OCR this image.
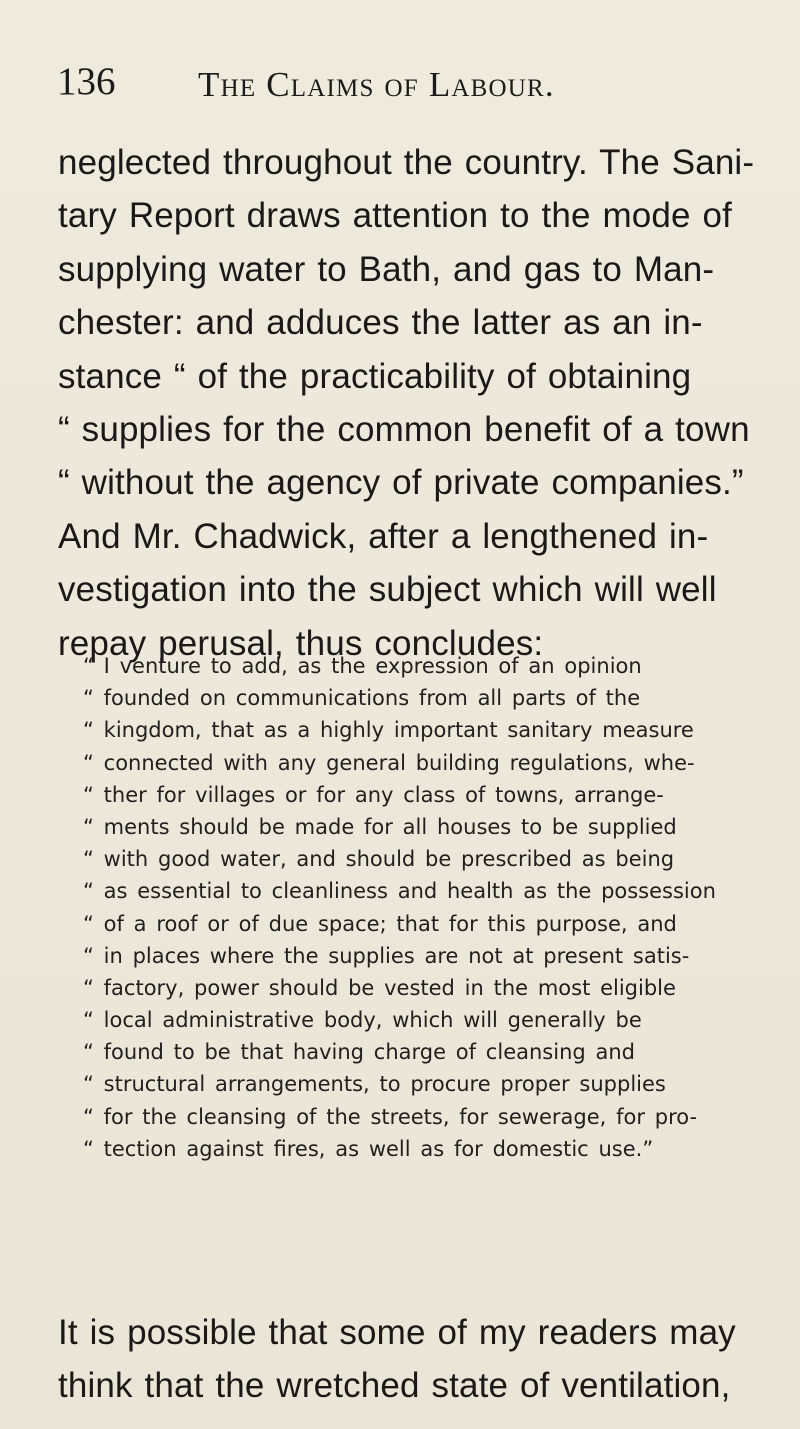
136 The Claims of Labour.
neglected throughout the country. The Sani-
tary Report draws attention to the mode of
supplying water to Bath, and gas to Man-
chester: and adduces the latter as an in-
stance “ of the practicability of obtaining
“ supplies for the common benefit of a town
“ without the agency of private companies.”
And Mr. Chadwick, after a lengthened in-
vestigation into the subject which will well
repay perusal, thus concludes:
“ I venture to add, as the expression of an opinion
“ founded on communications from all parts of the
“ kingdom, that as a highly important sanitary measure
“ connected with any general building regulations, whe-
“ ther for villages or for any class of towns, arrange-
“ ments should be made for all houses to be supplied
“ with good water, and should be prescribed as being
“ as essential to cleanliness and health as the possession
“ of a roof or of due space; that for this purpose, and
“ in places where the supplies are not at present satis-
“ factory, power should be vested in the most eligible
“ local administrative body, which will generally be
“ found to be that having charge of cleansing and
“ structural arrangements, to procure proper supplies
“ for the cleansing of the streets, for sewerage, for pro-
“ tection against fires, as well as for domestic use.”
It is possible that some of my readers may
think that the wretched state of ventilation,
